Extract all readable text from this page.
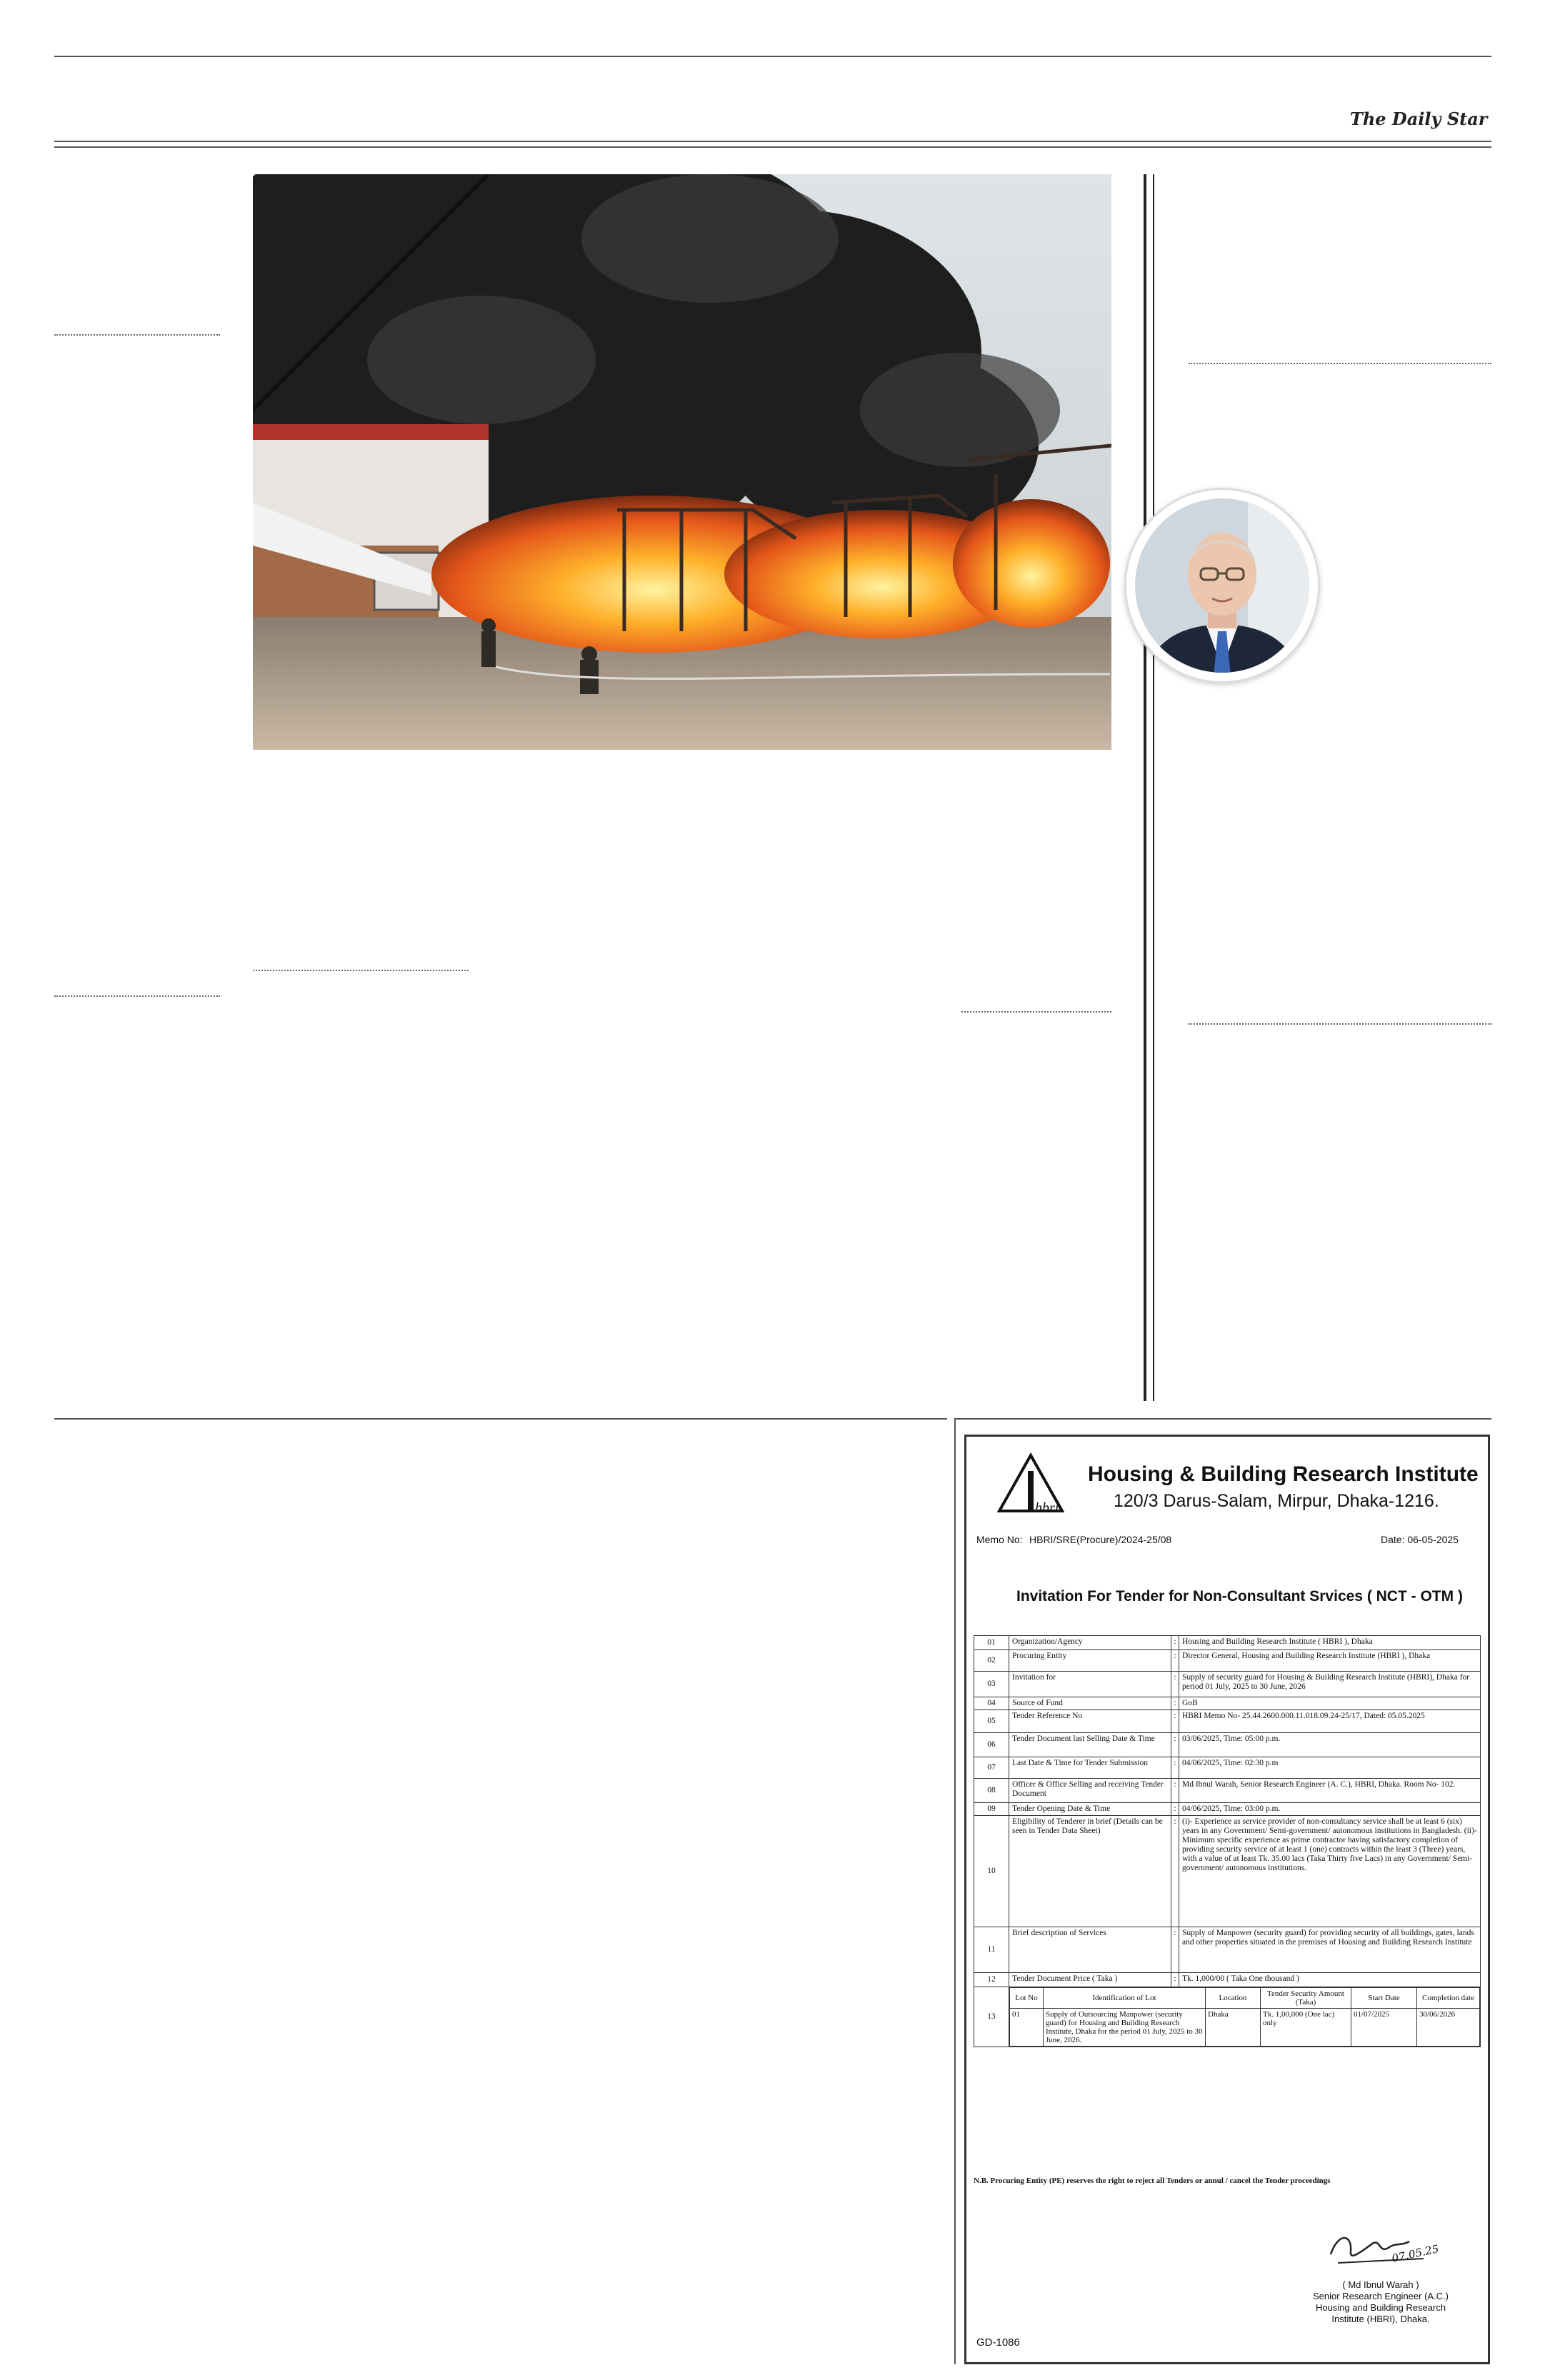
The Daily Star
hbri
Housing & Building Research Institute
120/3 Darus-Salam, Mirpur, Dhaka-1216.
Memo No: HBRI/SRE(Procure)/2024-25/08	Date: 06-05-2025
Invitation For Tender for Non-Consultant Srvices ( NCT - OTM )
01	Organization/Agency	:	Housing and Building Research Institute ( HBRI ), Dhaka
02	Procuring Entity	:	Director General, Housing and Building Research Institute (HBRI ), Dhaka
03	Invitation for	:	Supply of security guard for Housing & Building Research Institute (HBRI), Dhaka for period 01 July, 2025 to 30 June, 2026
04	Source of Fund	:	GoB
05	Tender Reference No	:	HBRI Memo No- 25.44.2600.000.11.018.09.24-25/17, Dated: 05.05.2025
06	Tender Document last Selling Date & Time	:	03/06/2025, Time: 05:00 p.m.
07	Last Date & Time for Tender Submission	:	04/06/2025, Time: 02:30 p.m
08	Officer & Office Selling and receiving Tender Document	:	Md Ibnul Warah, Senior Research Engineer (A. C.), HBRI, Dhaka. Room No- 102.
09	Tender Opening Date & Time	:	04/06/2025, Time: 03:00 p.m.
10	Eligibility of Tenderer in brief (Details can be seen in Tender Data Sheet)	:	(i)- Experience as service provider of non-consultancy service shall be at least 6 (six) years in any Government/ Semi-government/ autonomous institutions in Bangladesh. (ii)- Minimum specific experience as prime contractor having satisfactory completion of providing security service of at least 1 (one) contracts within the least 3 (Three) years, with a value of at least Tk. 35.00 lacs (Taka Thirty five Lacs) in any Government/ Semi-government/ autonomous institutions.
11	Brief description of Services	:	Supply of Manpower (security guard) for providing security of all buildings, gates, lands and other properties situated in the premises of Housing and Building Research Institute
12	Tender Document Price ( Taka )	:	Tk. 1,000/00 ( Taka One thousand )
13	
Lot No	Identification of Lot	Location	Tender Security Amount (Taka)	Start Date	Completion date
01	Supply of Outsourcing Manpower (security guard) for Housing and Building Research Institute, Dhaka for the period 01 July, 2025 to 30 June, 2026.	Dhaka	Tk. 1,00,000 (One lac) only	01/07/2025	30/06/2026
N.B. Procuring Entity (PE) reserves the right to reject all Tenders or annul / cancel the Tender proceedings
07.05.25
( Md Ibnul Warah )
Senior Research Engineer (A.C.)
Housing and Building Research
Institute (HBRI), Dhaka.
GD-1086
